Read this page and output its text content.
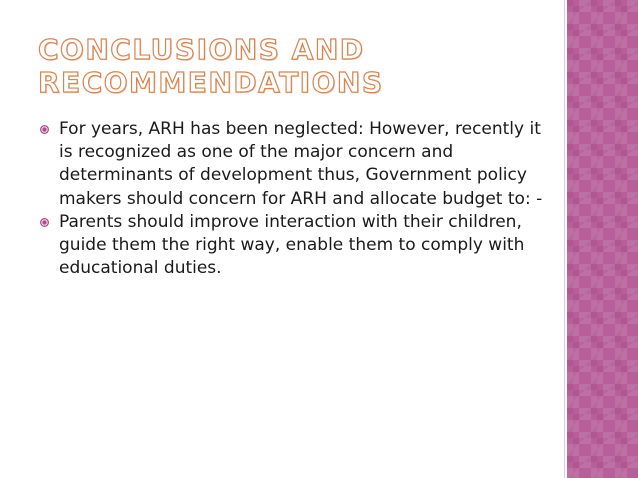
CONCLUSIONS AND
RECOMMENDATIONS
For years, ARH has been neglected: However, recently it is recognized as one of the major concern and determinants of development thus, Government policy makers should concern for ARH and allocate budget to: -
Parents should improve interaction with their children, guide them the right way, enable them to comply with educational duties.
